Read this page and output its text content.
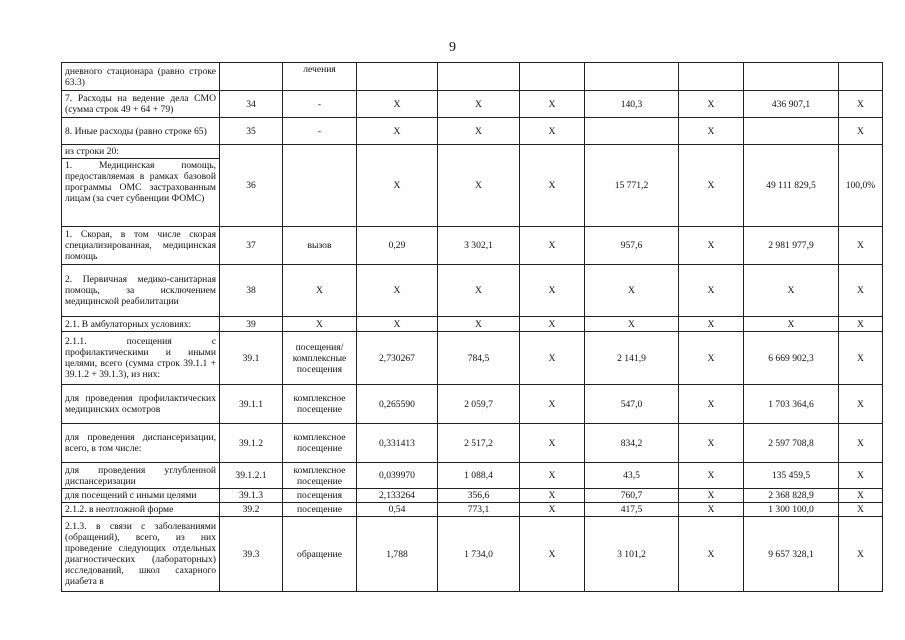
9
дневного стационара (равно строке 63.3)		лечения							
7. Расходы на ведение дела СМО (сумма строк 49 + 64 + 79)	34	-	X	X	X	140,3	X	436 907,1	X
8. Иные расходы (равно строке 65)	35	-	X	X	X		X		X

из строки 20:
1. Медицинская помощь, предоставляемая в рамках базовой программы ОМС застрахованным лицам (за счет субвенции ФОМС)	36		X	X	X	15 771,2	X	49 111 829,5	100,0%
1. Скорая, в том числе скорая специализированная, медицинская помощь	37	вызов	0,29	3 302,1	X	957,6	X	2 981 977,9	X
2. Первичная медико-санитарная помощь, за исключением медицинской реабилитации	38	X	X	X	X	X	X	X	X
2.1. В амбулаторных условиях:	39	X	X	X	X	X	X	X	X
2.1.1. посещения с профилактическими и иными целями, всего (сумма строк 39.1.1 + 39.1.2 + 39.1.3), из них:	39.1	посещения/комплексные посещения	2,730267	784,5	X	2 141,9	X	6 669 902,3	X
для проведения профилактических медицинских осмотров	39.1.1	комплексное посещение	0,265590	2 059,7	X	547,0	X	1 703 364,6	X
для проведения диспансеризации, всего, в том числе:	39.1.2	комплексное посещение	0,331413	2 517,2	X	834,2	X	2 597 708,8	X
для проведения углубленной диспансеризации	39.1.2.1	комплексное посещение	0,039970	1 088,4	X	43,5	X	135 459,5	X
для посещений с иными целями	39.1.3	посещения	2,133264	356,6	X	760,7	X	2 368 828,9	X
2.1.2. в неотложной форме	39.2	посещение	0,54	773,1	X	417,5	X	1 300 100,0	X
2.1.3. в связи с заболеваниями (обращений), всего, из них проведение следующих отдельных диагностических (лабораторных) исследований, школ сахарного диабета в	39.3	обращение	1,788	1 734,0	X	3 101,2	X	9 657 328,1	X
